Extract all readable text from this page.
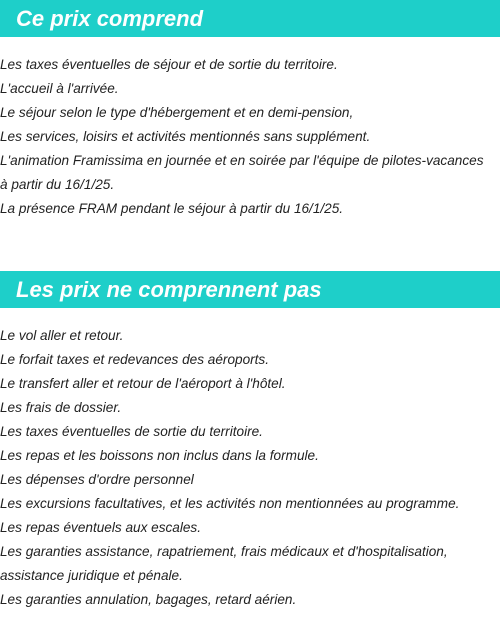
Ce prix comprend
Les taxes éventuelles de séjour et de sortie du territoire.
L'accueil à l'arrivée.
Le séjour selon le type d'hébergement et en demi-pension,
Les services, loisirs et activités mentionnés sans supplément.
L'animation Framissima en journée et en soirée par l'équipe de pilotes-vacances
à partir du 16/1/25.
La présence FRAM pendant le séjour à partir du 16/1/25.
Les prix ne comprennent pas
Le vol aller et retour.
Le forfait taxes et redevances des aéroports.
Le transfert aller et retour de l'aéroport à l'hôtel.
Les frais de dossier.
Les taxes éventuelles de sortie du territoire.
Les repas et les boissons non inclus dans la formule.
Les dépenses d'ordre personnel
Les excursions facultatives, et les activités non mentionnées au programme.
Les repas éventuels aux escales.
Les garanties assistance, rapatriement, frais médicaux et d'hospitalisation,
assistance juridique et pénale.
Les garanties annulation, bagages, retard aérien.
